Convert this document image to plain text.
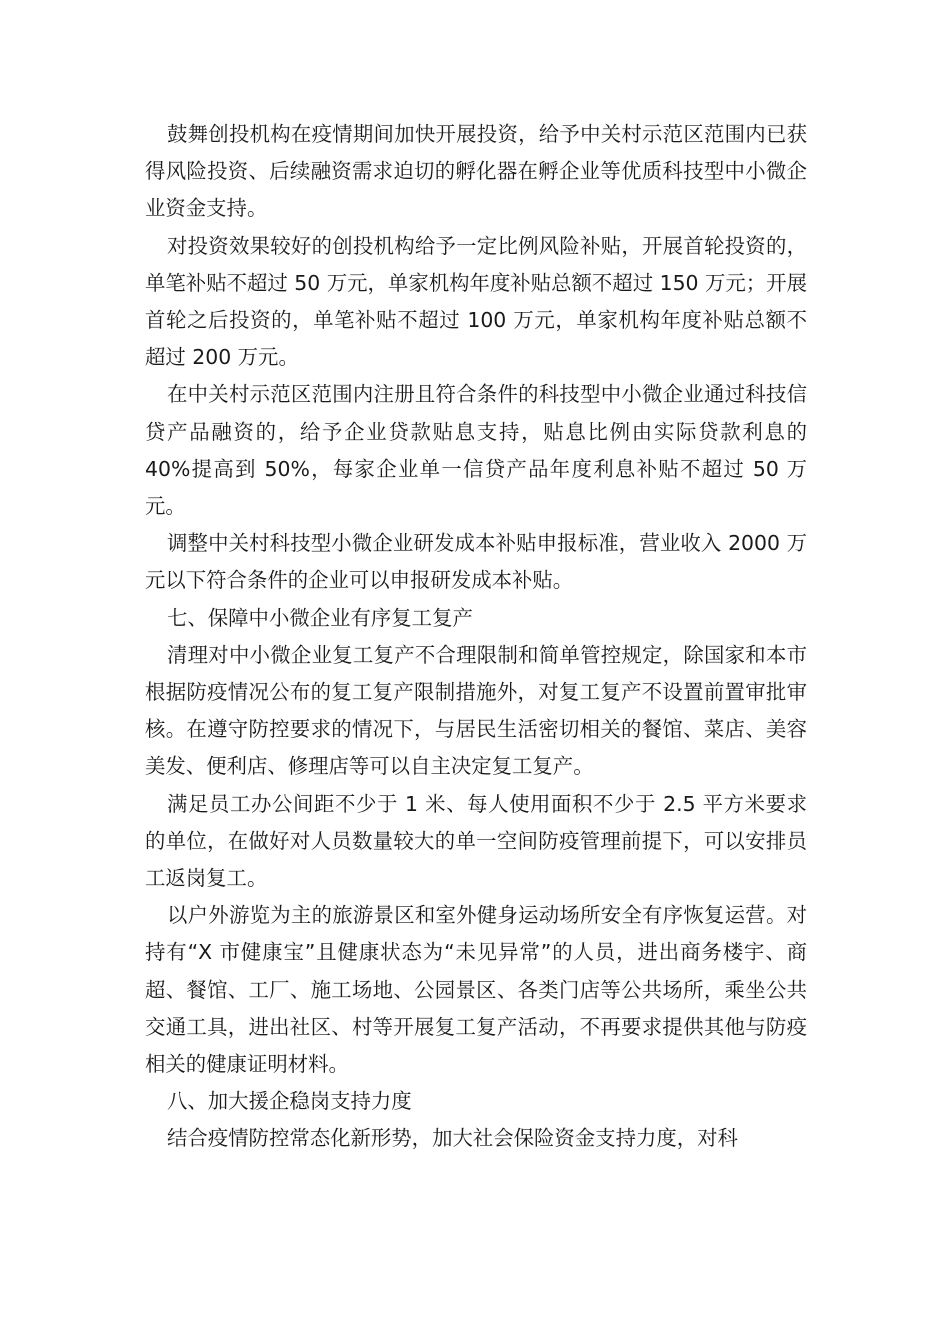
鼓舞创投机构在疫情期间加快开展投资，给予中关村示范区范围内已获得风险投资、后续融资需求迫切的孵化器在孵企业等优质科技型中小微企业资金支持。

对投资效果较好的创投机构给予一定比例风险补贴，开展首轮投资的，单笔补贴不超过 50 万元，单家机构年度补贴总额不超过 150 万元；开展首轮之后投资的，单笔补贴不超过 100 万元，单家机构年度补贴总额不超过 200 万元。

在中关村示范区范围内注册且符合条件的科技型中小微企业通过科技信贷产品融资的，给予企业贷款贴息支持，贴息比例由实际贷款利息的 40%提高到 50%，每家企业单一信贷产品年度利息补贴不超过 50 万元。

调整中关村科技型小微企业研发成本补贴申报标准，营业收入 2000 万元以下符合条件的企业可以申报研发成本补贴。

七、保障中小微企业有序复工复产

清理对中小微企业复工复产不合理限制和简单管控规定，除国家和本市根据防疫情况公布的复工复产限制措施外，对复工复产不设置前置审批审核。在遵守防控要求的情况下，与居民生活密切相关的餐馆、菜店、美容美发、便利店、修理店等可以自主决定复工复产。

满足员工办公间距不少于 1 米、每人使用面积不少于 2.5 平方米要求的单位，在做好对人员数量较大的单一空间防疫管理前提下，可以安排员工返岗复工。

以户外游览为主的旅游景区和室外健身运动场所安全有序恢复运营。对持有“X 市健康宝”且健康状态为“未见异常”的人员，进出商务楼宇、商超、餐馆、工厂、施工场地、公园景区、各类门店等公共场所，乘坐公共交通工具，进出社区、村等开展复工复产活动，不再要求提供其他与防疫相关的健康证明材料。

八、加大援企稳岗支持力度

结合疫情防控常态化新形势，加大社会保险资金支持力度，对科
